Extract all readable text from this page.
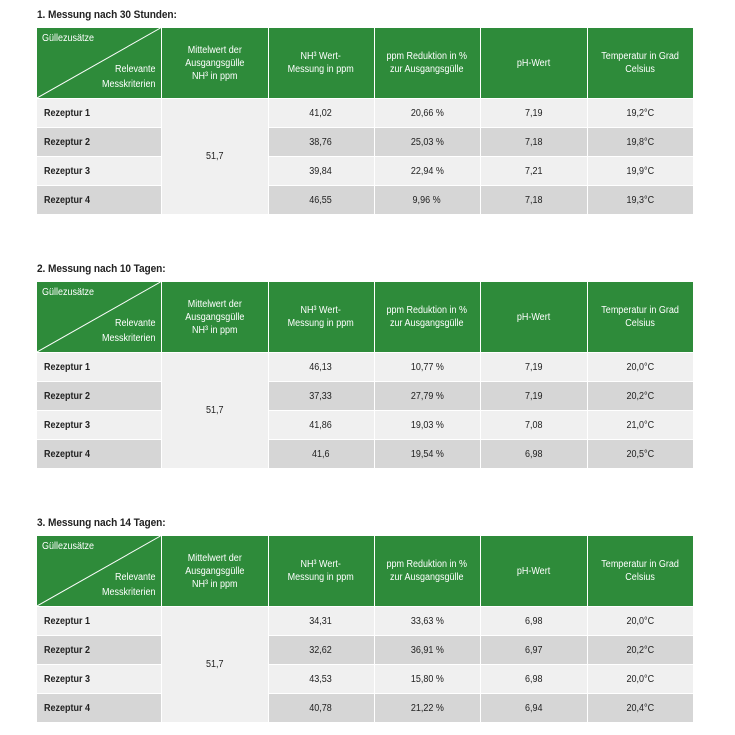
1. Messung nach 30 Stunden:
Güllezusätze
Relevante
Messkriterien	Mittelwert der
Ausgangsgülle
NH³ in ppm	NH³ Wert-
Messung in ppm	ppm Reduktion in %
zur Ausgangsgülle	pH-Wert	Temperatur in Grad
Celsius
Rezeptur 1	51,7	41,02	20,66 %	7,19	19,2°C
Rezeptur 2		38,76	25,03 %	7,18	19,8°C
Rezeptur 3		39,84	22,94 %	7,21	19,9°C
Rezeptur 4		46,55	9,96 %	7,18	19,3°C
2. Messung nach 10 Tagen:
Güllezusätze
Relevante
Messkriterien	Mittelwert der
Ausgangsgülle
NH³ in ppm	NH³ Wert-
Messung in ppm	ppm Reduktion in %
zur Ausgangsgülle	pH-Wert	Temperatur in Grad
Celsius
Rezeptur 1	51,7	46,13	10,77 %	7,19	20,0°C
Rezeptur 2		37,33	27,79 %	7,19	20,2°C
Rezeptur 3		41,86	19,03 %	7,08	21,0°C
Rezeptur 4		41,6	19,54 %	6,98	20,5°C
3. Messung nach 14 Tagen:
Güllezusätze
Relevante
Messkriterien	Mittelwert der
Ausgangsgülle
NH³ in ppm	NH³ Wert-
Messung in ppm	ppm Reduktion in %
zur Ausgangsgülle	pH-Wert	Temperatur in Grad
Celsius
Rezeptur 1	51,7	34,31	33,63 %	6,98	20,0°C
Rezeptur 2		32,62	36,91 %	6,97	20,2°C
Rezeptur 3		43,53	15,80 %	6,98	20,0°C
Rezeptur 4		40,78	21,22 %	6,94	20,4°C
